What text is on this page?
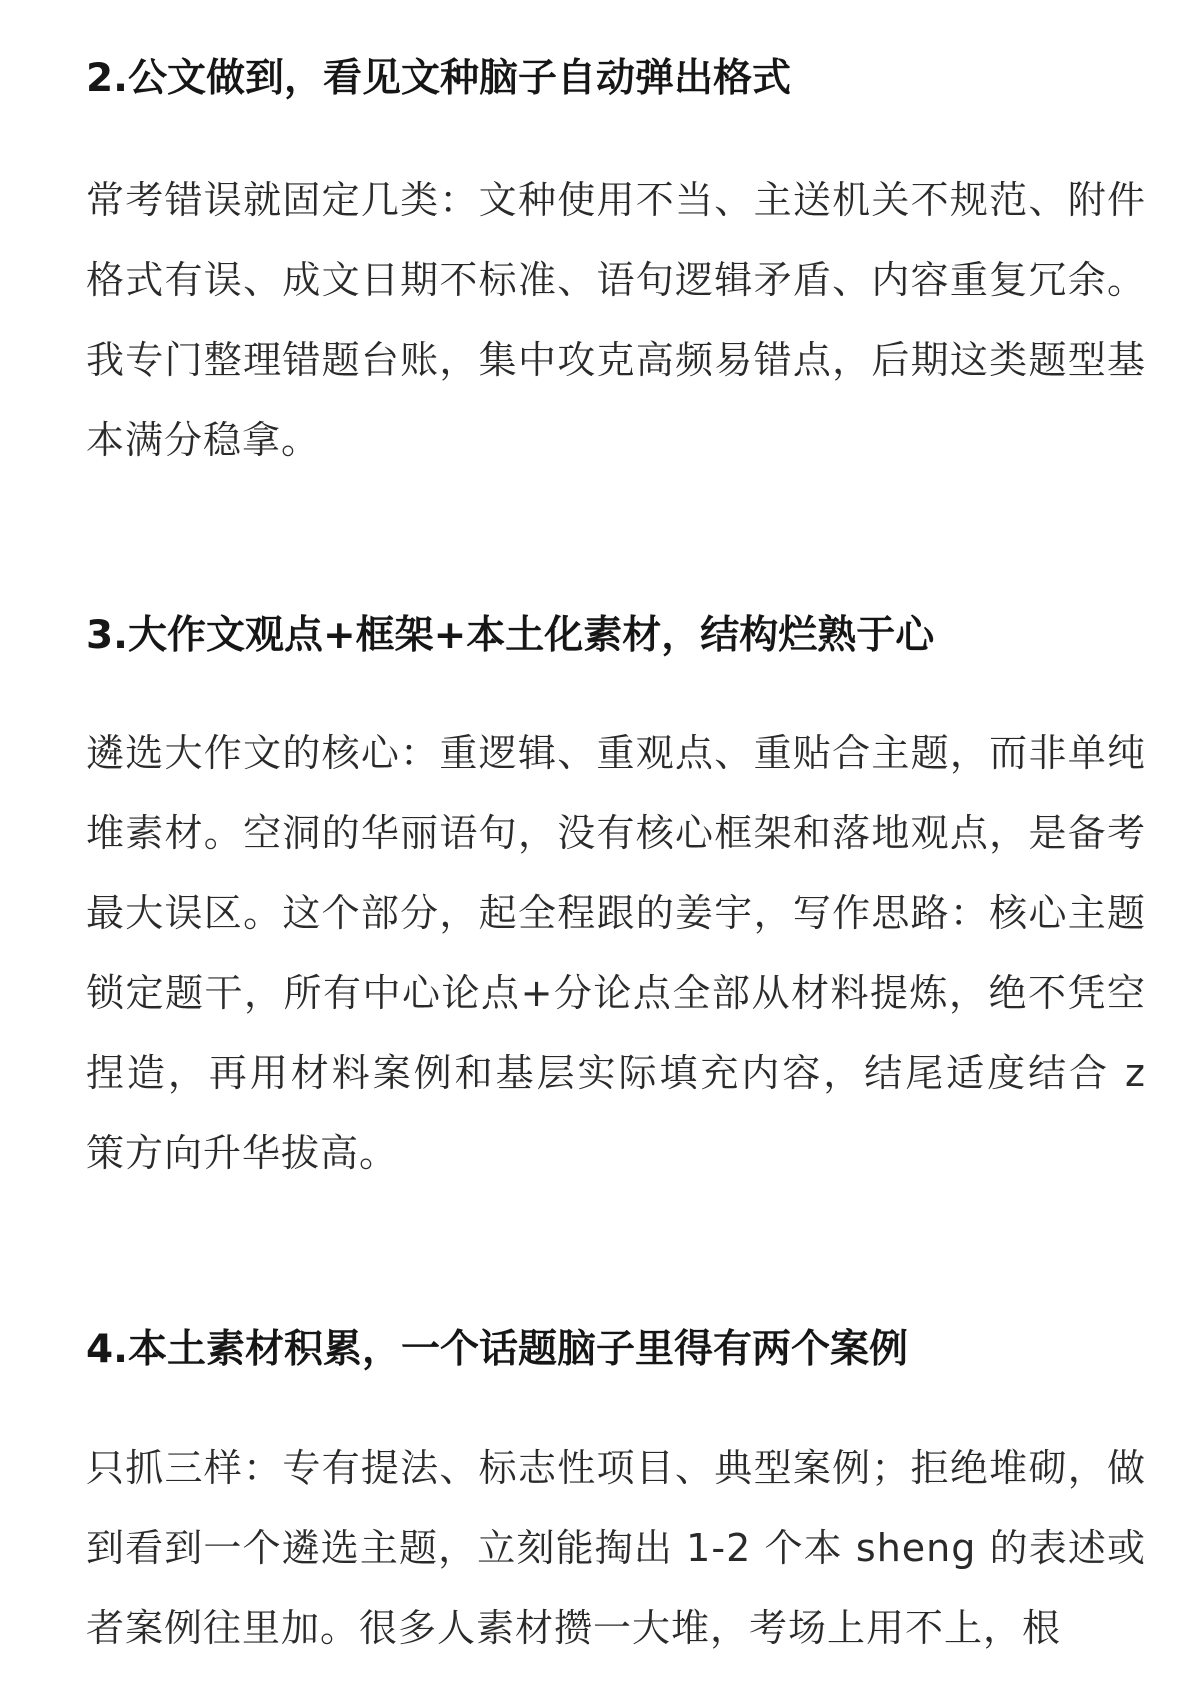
2.公文做到，看见文种脑子自动弹出格式
常考错误就固定几类：文种使用不当、主送机关不规范、附件格式有误、成文日期不标准、语句逻辑矛盾、内容重复冗余。我专门整理错题台账，集中攻克高频易错点，后期这类题型基本满分稳拿。
3.大作文观点+框架+本土化素材，结构烂熟于心
遴选大作文的核心：重逻辑、重观点、重贴合主题，而非单纯堆素材。空洞的华丽语句，没有核心框架和落地观点，是备考最大误区。这个部分，起全程跟的姜宇，写作思路：核心主题锁定题干，所有中心论点+分论点全部从材料提炼，绝不凭空捏造，再用材料案例和基层实际填充内容，结尾适度结合 z 策方向升华拔高。
4.本土素材积累，一个话题脑子里得有两个案例
只抓三样：专有提法、标志性项目、典型案例；拒绝堆砌，做到看到一个遴选主题，立刻能掏出 1-2 个本 sheng 的表述或者案例往里加。很多人素材攒一大堆，考场上用不上，根
